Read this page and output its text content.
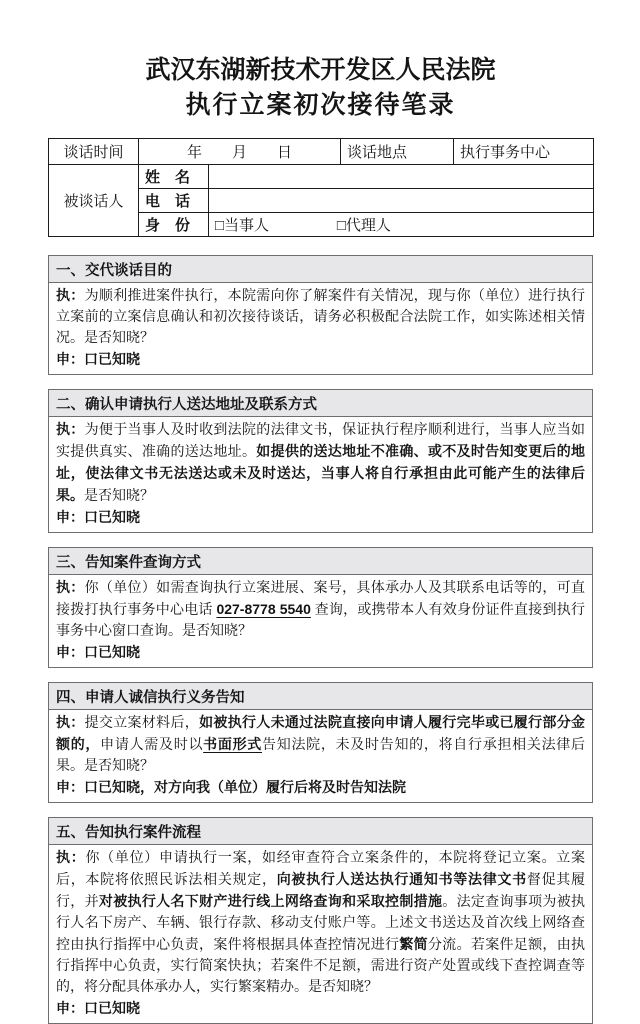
武汉东湖新技术开发区人民法院
执行立案初次接待笔录
谈话时间	年　　月　　日		谈话地点	执行事务中心
被谈话人	姓　名			
	电　话			
	身　份	□当事人 □代理人		
一、交代谈话目的

执：为顺利推进案件执行，本院需向你了解案件有关情况，现与你（单位）进行执行立案前的立案信息确认和初次接待谈话，请务必积极配合法院工作，如实陈述相关情况。是否知晓？

申：口已知晓

二、确认申请执行人送达地址及联系方式

执：为便于当事人及时收到法院的法律文书，保证执行程序顺利进行，当事人应当如实提供真实、准确的送达地址。如提供的送达地址不准确、或不及时告知变更后的地址，使法律文书无法送达或未及时送达，当事人将自行承担由此可能产生的法律后果。是否知晓？

申：口已知晓

三、告知案件查询方式

执：你（单位）如需查询执行立案进展、案号，具体承办人及其联系电话等的，可直接拨打执行事务中心电话 027-8778 5540 查询，或携带本人有效身份证件直接到执行事务中心窗口查询。是否知晓？

申：口已知晓

四、申请人诚信执行义务告知

执：提交立案材料后，如被执行人未通过法院直接向申请人履行完毕或已履行部分金额的，申请人需及时以书面形式告知法院，未及时告知的，将自行承担相关法律后果。是否知晓？

申：口已知晓，对方向我（单位）履行后将及时告知法院

五、告知执行案件流程

执：你（单位）申请执行一案，如经审查符合立案条件的，本院将登记立案。立案后，本院将依照民诉法相关规定，向被执行人送达执行通知书等法律文书督促其履行，并对被执行人名下财产进行线上网络查询和采取控制措施。法定查询事项为被执行人名下房产、车辆、银行存款、移动支付账户等。上述文书送达及首次线上网络查控由执行指挥中心负责，案件将根据具体查控情况进行繁简分流。若案件足额，由执行指挥中心负责，实行简案快执；若案件不足额，需进行资产处置或线下查控调查等的，将分配具体承办人，实行繁案精办。是否知晓？

申：口已知晓
